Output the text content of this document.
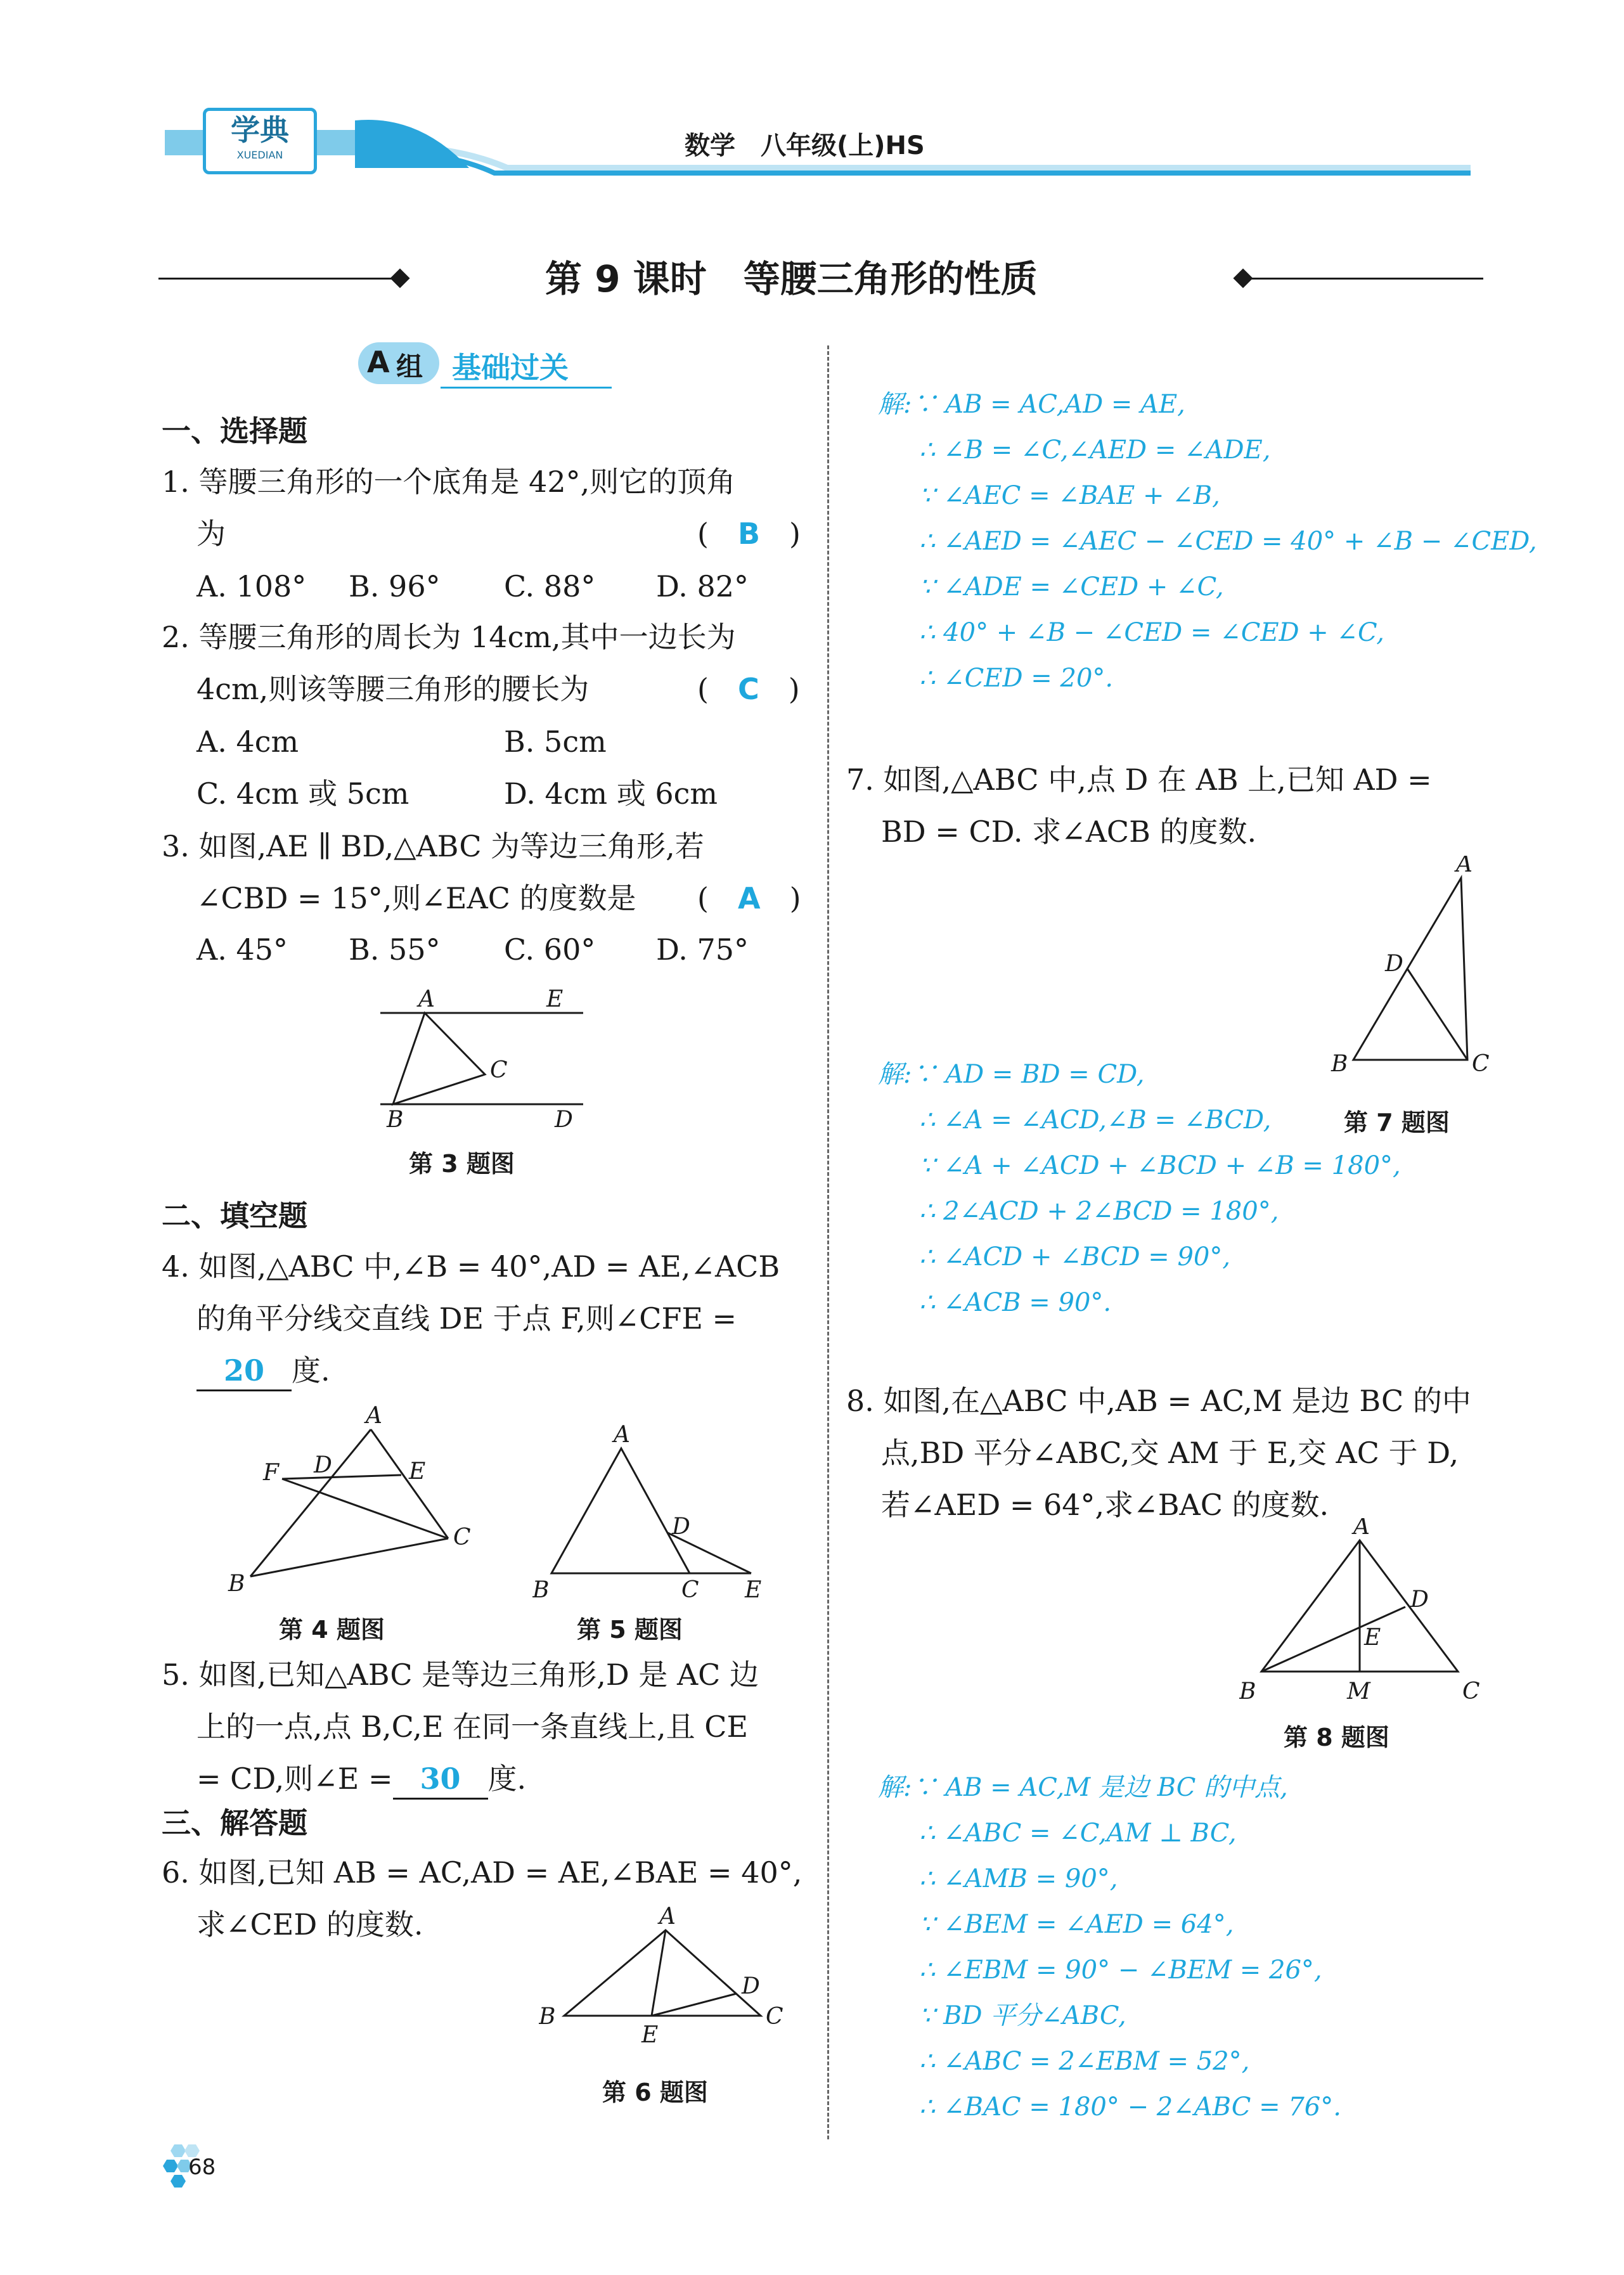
学典
XUEDIAN	数学　八年级(上)HS
第 9 课时　等腰三角形的性质
A 组 基础过关
一、选择题
1. 等腰三角形的一个底角是 42°,则它的顶角
为	(　B　)
A. 108° B. 96° C. 88° D. 82°
2. 等腰三角形的周长为 14cm,其中一边长为
4cm,则该等腰三角形的腰长为	(　C　)
A. 4cm	B. 5cm
C. 4cm 或 5cm	D. 4cm 或 6cm
3. 如图,AE ∥ BD,△ABC 为等边三角形,若
∠CBD = 15°,则∠EAC 的度数是 (　A　)
A. 45° B. 55° C. 60° D. 75°
A	E
C
B	D
第 3 题图
二、填空题
4. 如图,△ABC 中,∠B = 40°,AD = AE,∠ACB
的角平分线交直线 DE 于点 F,则∠CFE =
20 度.
A
D	E
F
C
B
第 4 题图
A
D
B	C E
第 5 题图
5. 如图,已知△ABC 是等边三角形,D 是 AC 边
上的一点,点 B,C,E 在同一条直线上,且 CE
= CD,则∠E = 30 度.
三、解答题
6. 如图,已知 AB = AC,AD = AE,∠BAE = 40°,
求∠CED 的度数.	A
D
B
E
C
第 6 题图
68
解:∵ AB = AC,AD = AE,
∴ ∠B = ∠C,∠AED = ∠ADE,
∵ ∠AEC = ∠BAE + ∠B,
∴ ∠AED = ∠AEC − ∠CED = 40° + ∠B − ∠CED,
∵ ∠ADE = ∠CED + ∠C,
∴ 40° + ∠B − ∠CED = ∠CED + ∠C,
∴ ∠CED = 20°.
7. 如图,△ABC 中,点 D 在 AB 上,已知 AD =
BD = CD. 求∠ACB 的度数.
A
D
B	C
第 7 题图
解:∵ AD = BD = CD,
∴ ∠A = ∠ACD,∠B = ∠BCD,
∵ ∠A + ∠ACD + ∠BCD + ∠B = 180°,
∴ 2∠ACD + 2∠BCD = 180°,
∴ ∠ACD + ∠BCD = 90°,
∴ ∠ACB = 90°.
8. 如图,在△ABC 中,AB = AC,M 是边 BC 的中
点,BD 平分∠ABC,交 AM 于 E,交 AC 于 D,
若∠AED = 64°,求∠BAC 的度数.
A
D
E
B	M	C
第 8 题图
解:∵ AB = AC,M 是边 BC 的中点,
∴ ∠ABC = ∠C,AM ⊥ BC,
∴ ∠AMB = 90°,
∵ ∠BEM = ∠AED = 64°,
∴ ∠EBM = 90° − ∠BEM = 26°,
∵ BD 平分∠ABC,
∴ ∠ABC = 2∠EBM = 52°,
∴ ∠BAC = 180° − 2∠ABC = 76°.
